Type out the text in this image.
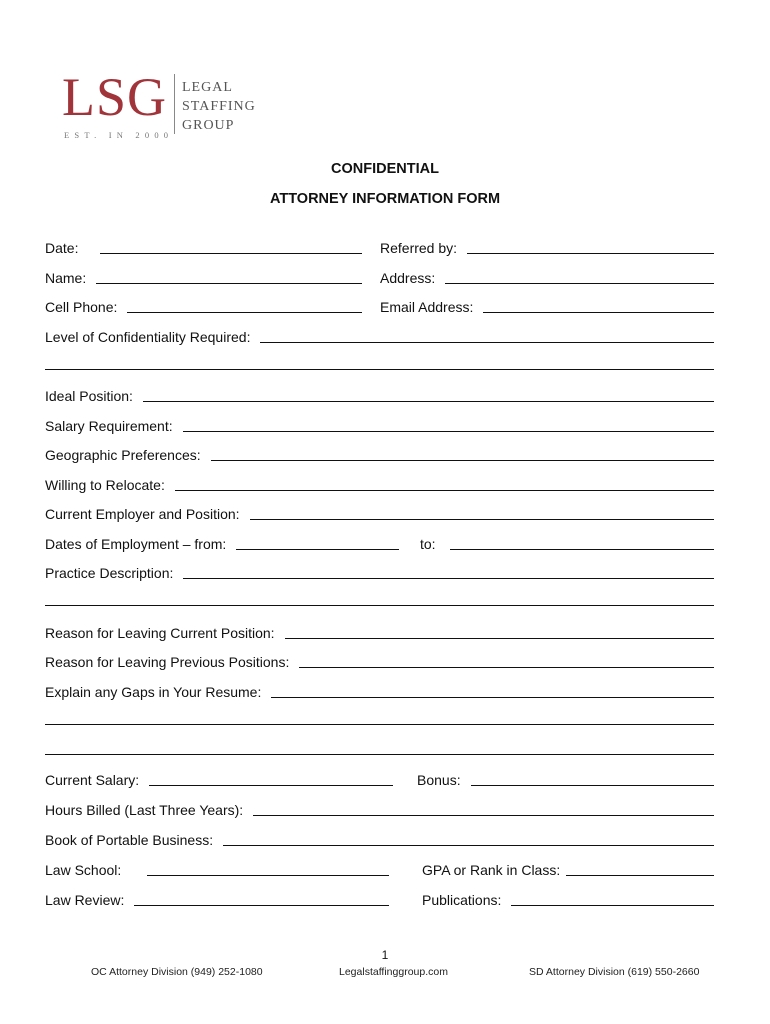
LSG
EST. IN 2000
LEGAL
STAFFING
GROUP
CONFIDENTIAL
ATTORNEY INFORMATION FORM
Date:	Referred by:
Name:	Address:
Cell Phone:	Email Address:
Level of Confidentiality Required:
Ideal Position:
Salary Requirement:
Geographic Preferences:
Willing to Relocate:
Current Employer and Position:
Dates of Employment – from:	to:
Practice Description:
Reason for Leaving Current Position:
Reason for Leaving Previous Positions:
Explain any Gaps in Your Resume:
Current Salary:	Bonus:
Hours Billed (Last Three Years):
Book of Portable Business:
Law School:	GPA or Rank in Class:
Law Review:	Publications:
1
OC Attorney Division (949) 252-1080	Legalstaffinggroup.com	SD Attorney Division (619) 550-2660
